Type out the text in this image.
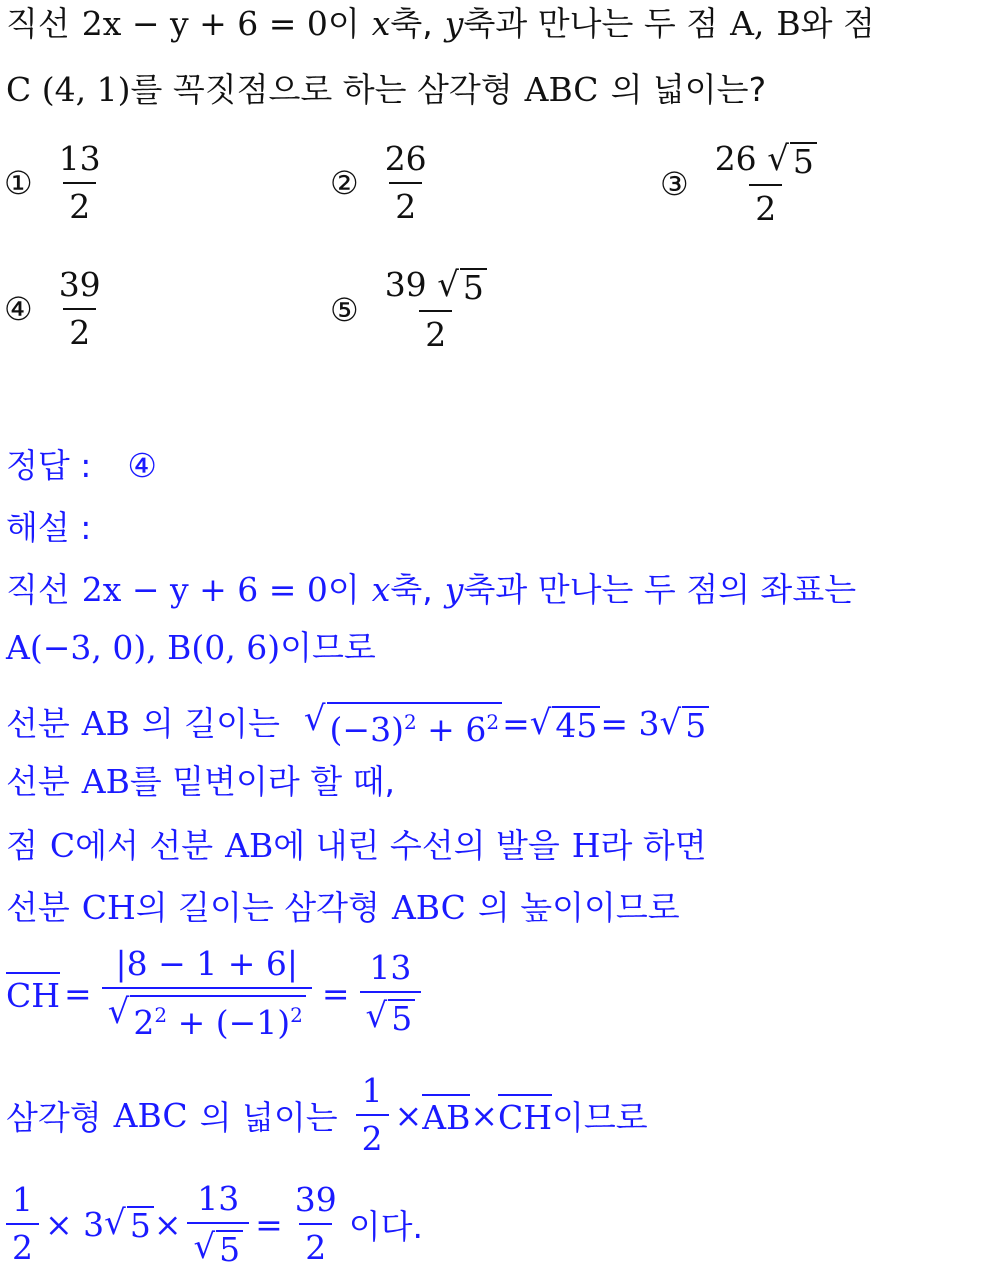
직선 2x − y + 6 = 0 이 x 축, y 축과 만나는 두 점 A, B 와 점
C (4, 1) 를 꼭짓점으로 하는 삼각형 ABC 의 넓이는?
① $\frac{13}{2}$	② $\frac{26}{2}$	③ $\frac{26 √ 5}{2}$
④ $\frac{39}{2}$	⑤ $\frac{39 √ 5}{2}$
정답 : ④
해설 :
직선 2x − y + 6 = 0 이 x 축, y 축과 만나는 두 점의 좌표는
A(−3, 0), B(0, 6) 이므로
선분 AB 의 길이는 √ $(-3)^2 + 6^2$ = √ 45 = 3 √ 5
선분 AB 를 밑변이라 할 때,
점 C 에서 선분 AB 에 내린 수선의 발을 H 라 하면
선분 CH 의 길이는 삼각형 ABC 의 높이이므로
CH = $\frac{|8 - 1 + 6|}{√ 2^2 + (-1)^2} = \frac{13}{√ 5}$
삼각형 ABC 의 넓이는 $\frac{1}{2}$ × AB × CH 이므로
$\frac{1}{2} \times 3$ √ $5 \times \frac{13}{√ 5} = \frac{39}{2}$ 이다.
